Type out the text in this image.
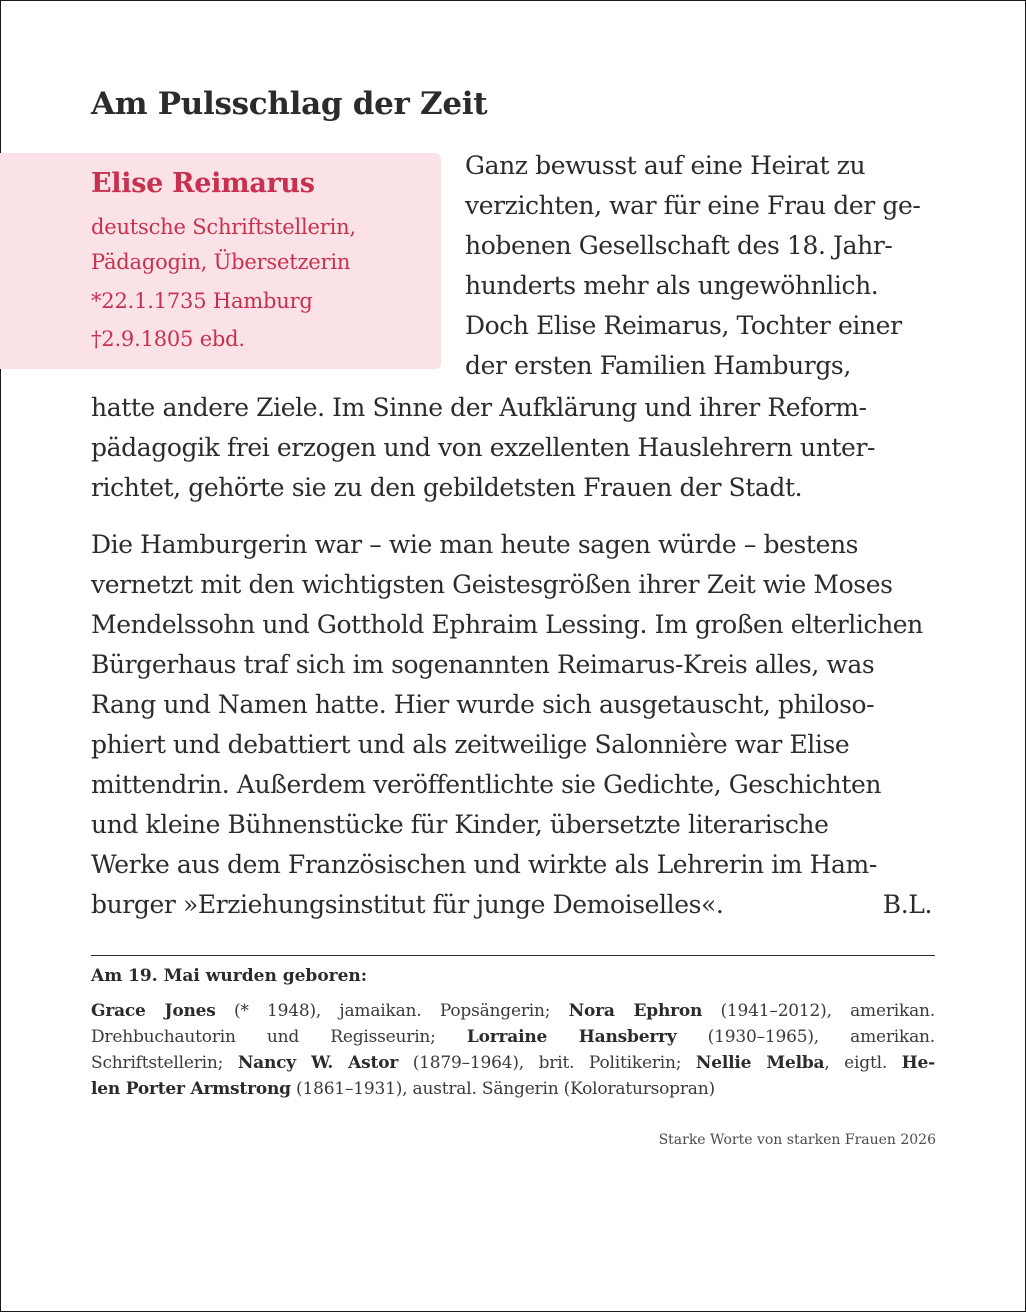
Am Pulsschlag der Zeit
Elise Reimarus
deutsche Schriftstellerin,
Pädagogin, Übersetzerin
*22.1.1735 Hamburg
†2.9.1805 ebd.
Ganz bewusst auf eine Heirat zu
verzichten, war für eine Frau der ge-
hobenen Gesellschaft des 18. Jahr-
hunderts mehr als ungewöhnlich.
Doch Elise Reimarus, Tochter einer
der ersten Familien Hamburgs,
hatte andere Ziele. Im Sinne der Aufklärung und ihrer Reform-
pädagogik frei erzogen und von exzellenten Hauslehrern unter-
richtet, gehörte sie zu den gebildetsten Frauen der Stadt.
Die Hamburgerin war – wie man heute sagen würde – bestens
vernetzt mit den wichtigsten Geistesgrößen ihrer Zeit wie Moses
Mendelssohn und Gotthold Ephraim Lessing. Im großen elterlichen
Bürgerhaus traf sich im sogenannten Reimarus-Kreis alles, was
Rang und Namen hatte. Hier wurde sich ausgetauscht, philoso-
phiert und debattiert und als zeitweilige Salonnière war Elise
mittendrin. Außerdem veröffentlichte sie Gedichte, Geschichten
und kleine Bühnenstücke für Kinder, übersetzte literarische
Werke aus dem Französischen und wirkte als Lehrerin im Ham-
burger »Erziehungsinstitut für junge Demoiselles«.	B.L.
Am 19. Mai wurden geboren:
Grace Jones (* 1948), jamaikan. Popsängerin; Nora Ephron (1941–2012), amerikan.
Drehbuchautorin und Regisseurin; Lorraine Hansberry (1930–1965), amerikan.
Schriftstellerin; Nancy W. Astor (1879–1964), brit. Politikerin; Nellie Melba, eigtl. He-
len Porter Armstrong (1861–1931), austral. Sängerin (Koloratursopran)
Starke Worte von starken Frauen 2026
